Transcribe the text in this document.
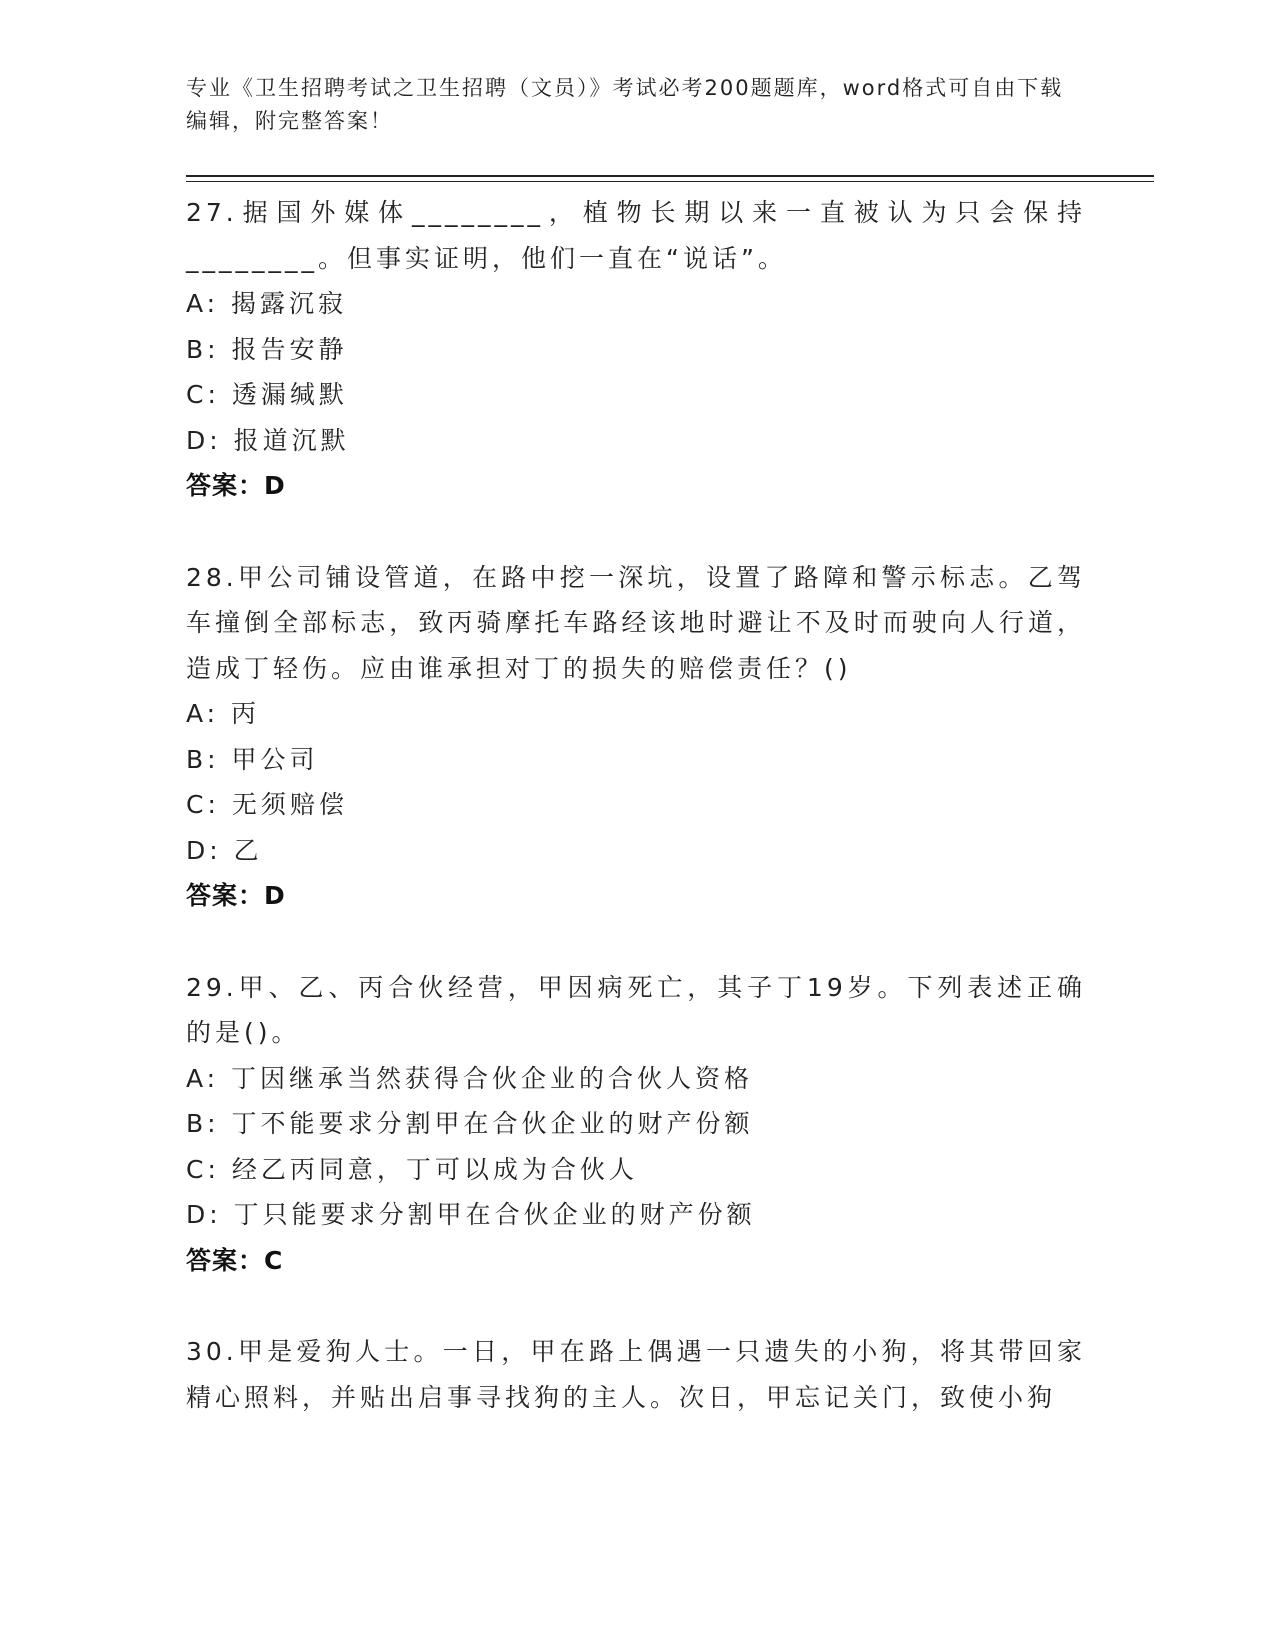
专业《卫生招聘考试之卫生招聘（文员）》考试必考200题题库，word格式可自由下载编辑，附完整答案！
27.据国外媒体________，植物长期以来一直被认为只会保持________。但事实证明，他们一直在“说话”。
A: 揭露沉寂
B: 报告安静
C: 透漏缄默
D: 报道沉默
答案：D
28.甲公司铺设管道，在路中挖一深坑，设置了路障和警示标志。乙驾车撞倒全部标志，致丙骑摩托车路经该地时避让不及时而驶向人行道，造成丁轻伤。应由谁承担对丁的损失的赔偿责任？()
A: 丙
B: 甲公司
C: 无须赔偿
D: 乙
答案：D
29.甲、乙、丙合伙经营，甲因病死亡，其子丁19岁。下列表述正确的是()。
A: 丁因继承当然获得合伙企业的合伙人资格
B: 丁不能要求分割甲在合伙企业的财产份额
C: 经乙丙同意，丁可以成为合伙人
D: 丁只能要求分割甲在合伙企业的财产份额
答案：C
30.甲是爱狗人士。一日，甲在路上偶遇一只遗失的小狗，将其带回家精心照料，并贴出启事寻找狗的主人。次日，甲忘记关门，致使小狗
